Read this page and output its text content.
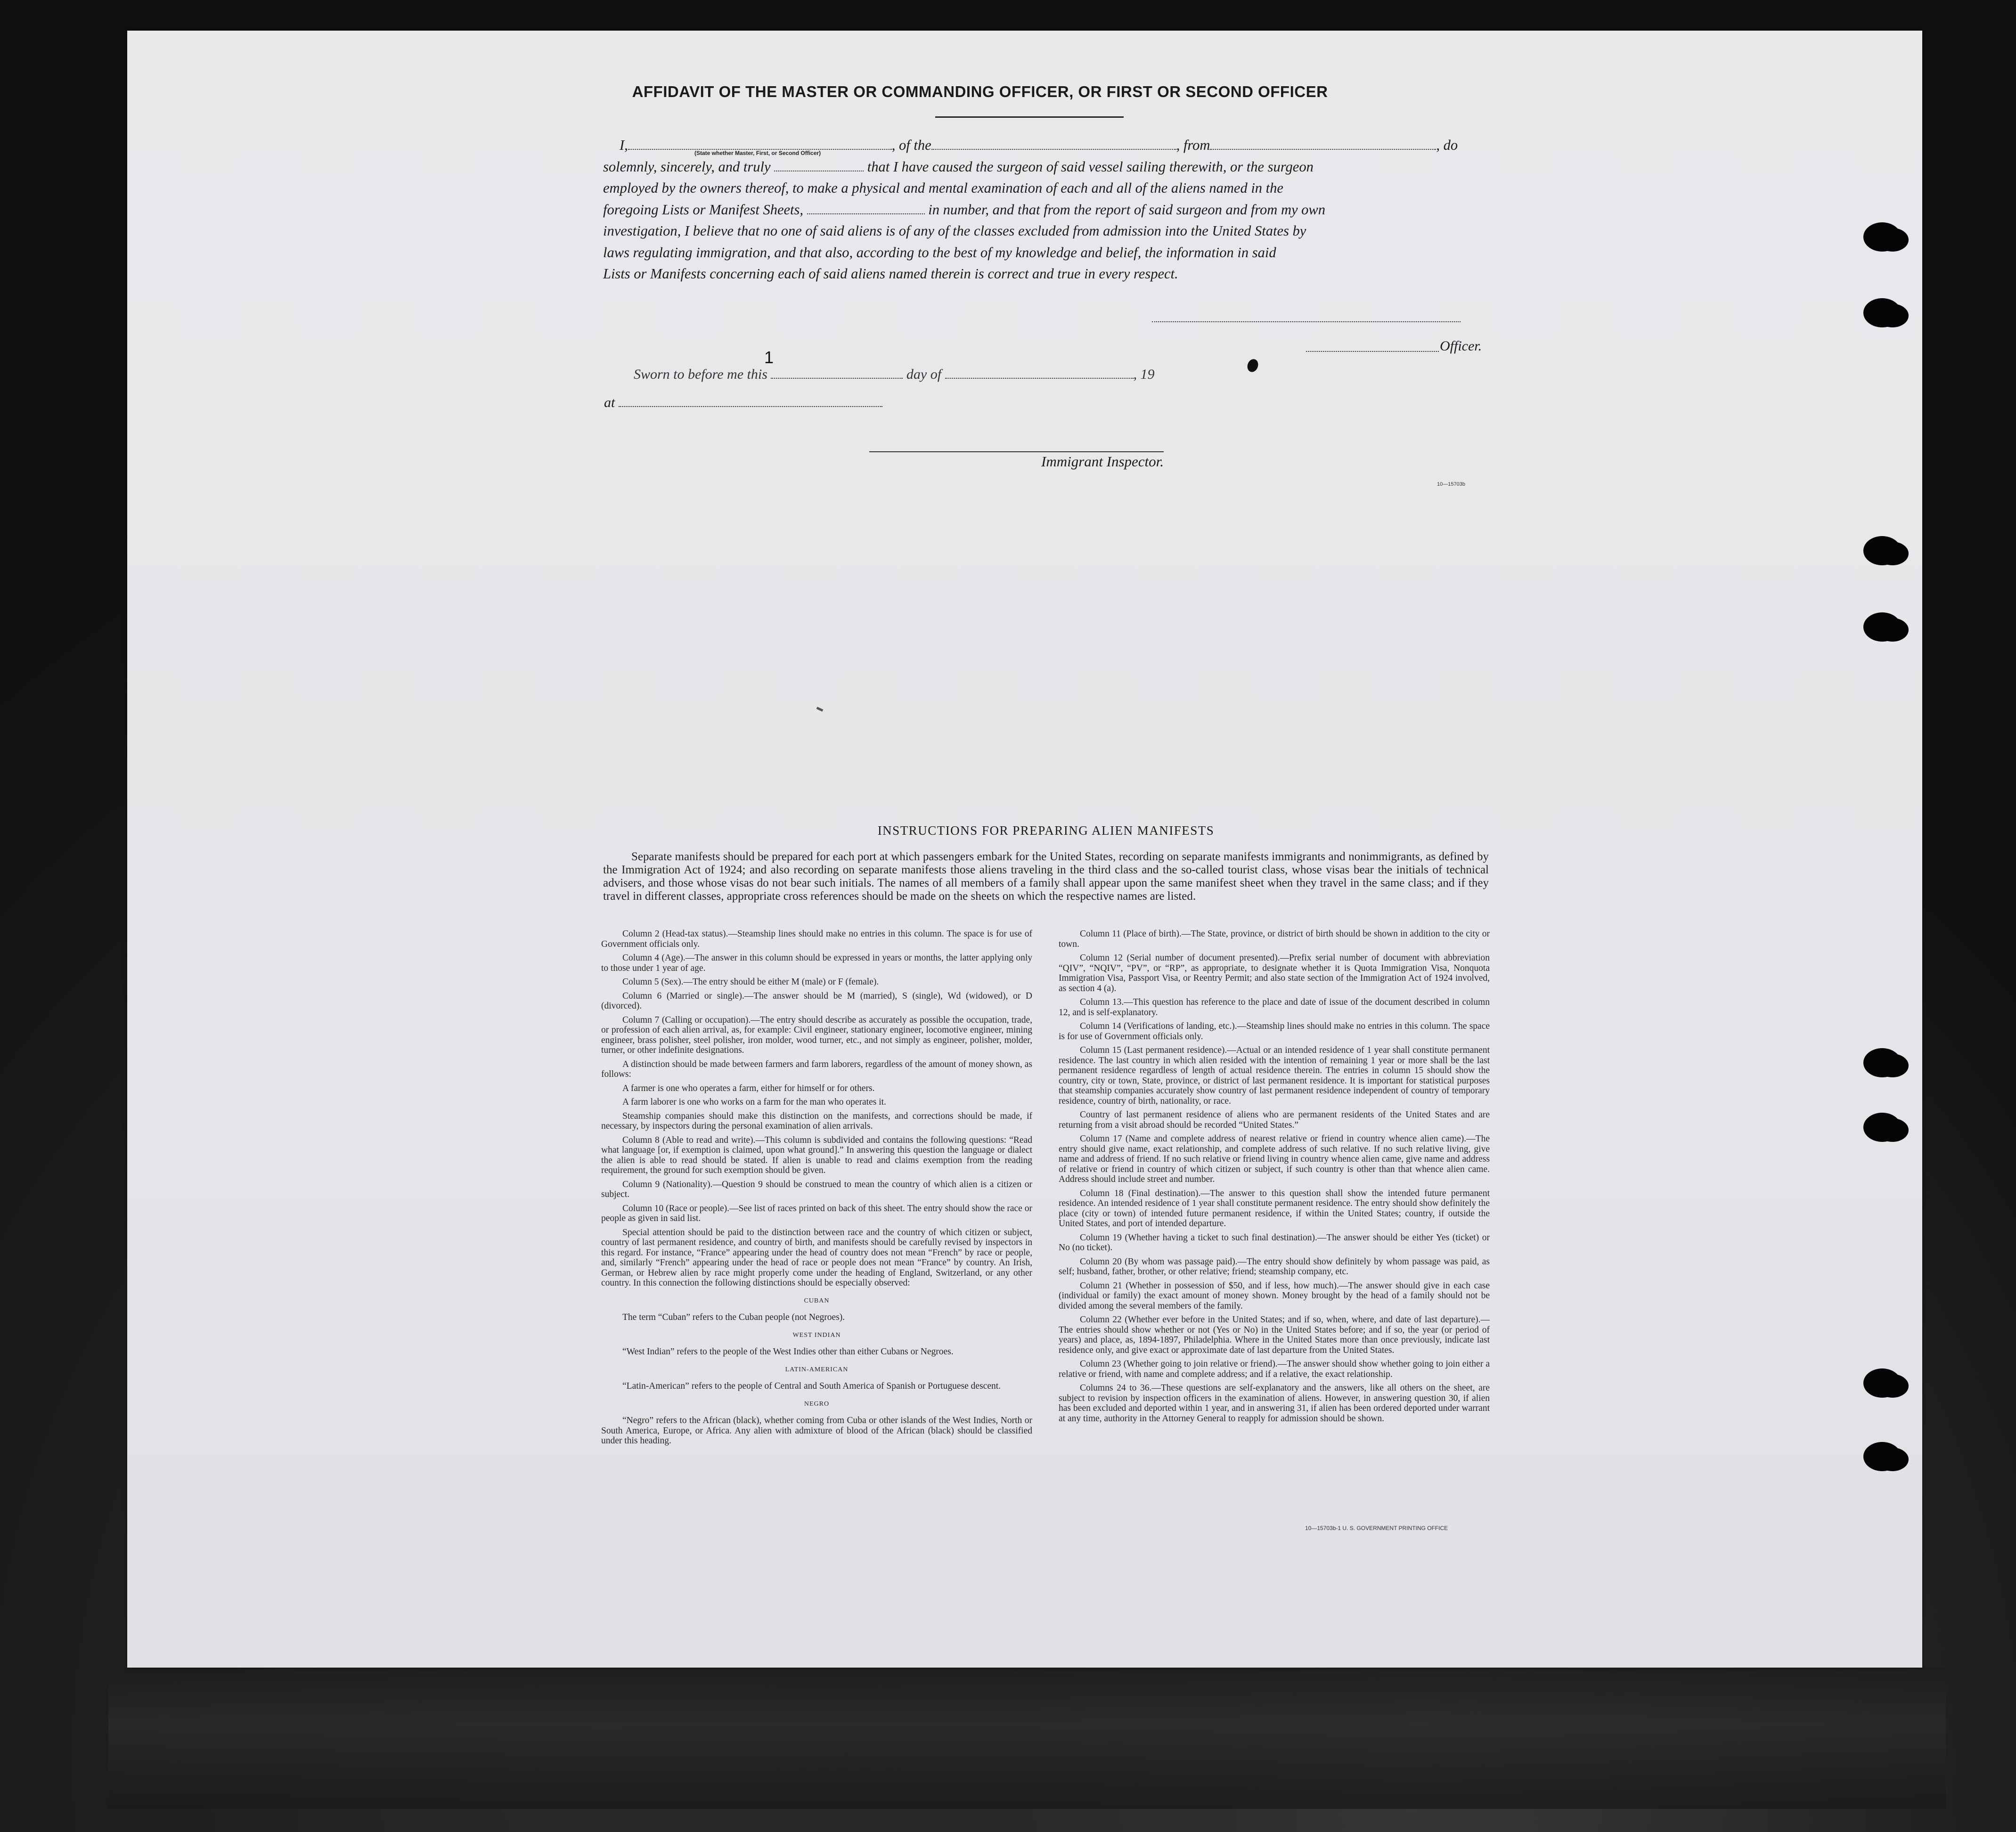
AFFIDAVIT OF THE MASTER OR COMMANDING OFFICER, OR FIRST OR SECOND OFFICER
I,	, of the	, from	, do
solemnly, sincerely, and truly	that I have caused the surgeon of said vessel sailing therewith, or the surgeon
employed by the owners thereof, to make a physical and mental examination of each and all of the aliens named in the
foregoing Lists or Manifest Sheets,	in number, and that from the report of said surgeon and from my own
investigation, I believe that no one of said aliens is of any of the classes excluded from admission into the United States by
laws regulating immigration, and that also, according to the best of my knowledge and belief, the information in said
Lists or Manifests concerning each of said aliens named therein is correct and true in every respect.
(State whether Master, First, or Second Officer)
Officer.
1
Sworn to before me this	day of	, 19
at
Immigrant Inspector.
10—15703b
INSTRUCTIONS FOR PREPARING ALIEN MANIFESTS
Separate manifests should be prepared for each port at which passengers embark for the United States, recording on separate manifests immigrants and nonimmigrants, as defined by the Immigration Act of 1924; and also recording on separate manifests those aliens traveling in the third class and the so-called tourist class, whose visas bear the initials of technical advisers, and those whose visas do not bear such initials. The names of all members of a family shall appear upon the same manifest sheet when they travel in the same class; and if they travel in different classes, appropriate cross references should be made on the sheets on which the respective names are listed.

Column 2 (Head-tax status).—Steamship lines should make no entries in this column. The space is for use of Government officials only.

Column 4 (Age).—The answer in this column should be expressed in years or months, the latter applying only to those under 1 year of age.

Column 5 (Sex).—The entry should be either M (male) or F (female).

Column 6 (Married or single).—The answer should be M (married), S (single), Wd (widowed), or D (divorced).

Column 7 (Calling or occupation).—The entry should describe as accurately as possible the occupation, trade, or profession of each alien arrival, as, for example: Civil engineer, stationary engineer, locomotive engineer, mining engineer, brass polisher, steel polisher, iron molder, wood turner, etc., and not simply as engineer, polisher, molder, turner, or other indefinite designations.

A distinction should be made between farmers and farm laborers, regardless of the amount of money shown, as follows:

A farmer is one who operates a farm, either for himself or for others.

A farm laborer is one who works on a farm for the man who operates it.

Steamship companies should make this distinction on the manifests, and corrections should be made, if necessary, by inspectors during the personal examination of alien arrivals.

Column 8 (Able to read and write).—This column is subdivided and contains the following questions: “Read what language [or, if exemption is claimed, upon what ground].” In answering this question the language or dialect the alien is able to read should be stated. If alien is unable to read and claims exemption from the reading requirement, the ground for such exemption should be given.

Column 9 (Nationality).—Question 9 should be construed to mean the country of which alien is a citizen or subject.

Column 10 (Race or people).—See list of races printed on back of this sheet. The entry should show the race or people as given in said list.

Special attention should be paid to the distinction between race and the country of which citizen or subject, country of last permanent residence, and country of birth, and manifests should be carefully revised by inspectors in this regard. For instance, “France” appearing under the head of country does not mean “French” by race or people, and, similarly “French” appearing under the head of race or people does not mean “France” by country. An Irish, German, or Hebrew alien by race might properly come under the heading of England, Switzerland, or any other country. In this connection the following distinctions should be especially observed:

CUBAN

The term “Cuban” refers to the Cuban people (not Negroes).

WEST INDIAN

“West Indian” refers to the people of the West Indies other than either Cubans or Negroes.

LATIN-AMERICAN

“Latin-American” refers to the people of Central and South America of Spanish or Portuguese descent.

NEGRO

“Negro” refers to the African (black), whether coming from Cuba or other islands of the West Indies, North or South America, Europe, or Africa. Any alien with admixture of blood of the African (black) should be classified under this heading.

Column 11 (Place of birth).—The State, province, or district of birth should be shown in addition to the city or town.

Column 12 (Serial number of document presented).—Prefix serial number of document with abbreviation “QIV”, “NQIV”, “PV”, or “RP”, as appropriate, to designate whether it is Quota Immigration Visa, Nonquota Immigration Visa, Passport Visa, or Reentry Permit; and also state section of the Immigration Act of 1924 involved, as section 4 (a).

Column 13.—This question has reference to the place and date of issue of the document described in column 12, and is self-explanatory.

Column 14 (Verifications of landing, etc.).—Steamship lines should make no entries in this column. The space is for use of Government officials only.

Column 15 (Last permanent residence).—Actual or an intended residence of 1 year shall constitute permanent residence. The last country in which alien resided with the intention of remaining 1 year or more shall be the last permanent residence regardless of length of actual residence therein. The entries in column 15 should show the country, city or town, State, province, or district of last permanent residence. It is important for statistical purposes that steamship companies accurately show country of last permanent residence independent of country of temporary residence, country of birth, nationality, or race.

Country of last permanent residence of aliens who are permanent residents of the United States and are returning from a visit abroad should be recorded “United States.”

Column 17 (Name and complete address of nearest relative or friend in country whence alien came).—The entry should give name, exact relationship, and complete address of such relative. If no such relative living, give name and address of friend. If no such relative or friend living in country whence alien came, give name and address of relative or friend in country of which citizen or subject, if such country is other than that whence alien came. Address should include street and number.

Column 18 (Final destination).—The answer to this question shall show the intended future permanent residence. An intended residence of 1 year shall constitute permanent residence. The entry should show definitely the place (city or town) of intended future permanent residence, if within the United States; country, if outside the United States, and port of intended departure.

Column 19 (Whether having a ticket to such final destination).—The answer should be either Yes (ticket) or No (no ticket).

Column 20 (By whom was passage paid).—The entry should show definitely by whom passage was paid, as self; husband, father, brother, or other relative; friend; steamship company, etc.

Column 21 (Whether in possession of $50, and if less, how much).—The answer should give in each case (individual or family) the exact amount of money shown. Money brought by the head of a family should not be divided among the several members of the family.

Column 22 (Whether ever before in the United States; and if so, when, where, and date of last departure).—The entries should show whether or not (Yes or No) in the United States before; and if so, the year (or period of years) and place, as, 1894-1897, Philadelphia. Where in the United States more than once previously, indicate last residence only, and give exact or approximate date of last departure from the United States.

Column 23 (Whether going to join relative or friend).—The answer should show whether going to join either a relative or friend, with name and complete address; and if a relative, the exact relationship.

Columns 24 to 36.—These questions are self-explanatory and the answers, like all others on the sheet, are subject to revision by inspection officers in the examination of aliens. However, in answering question 30, if alien has been excluded and deported within 1 year, and in answering 31, if alien has been ordered deported under warrant at any time, authority in the Attorney General to reapply for admission should be shown.

10—15703b-1 U. S. GOVERNMENT PRINTING OFFICE
